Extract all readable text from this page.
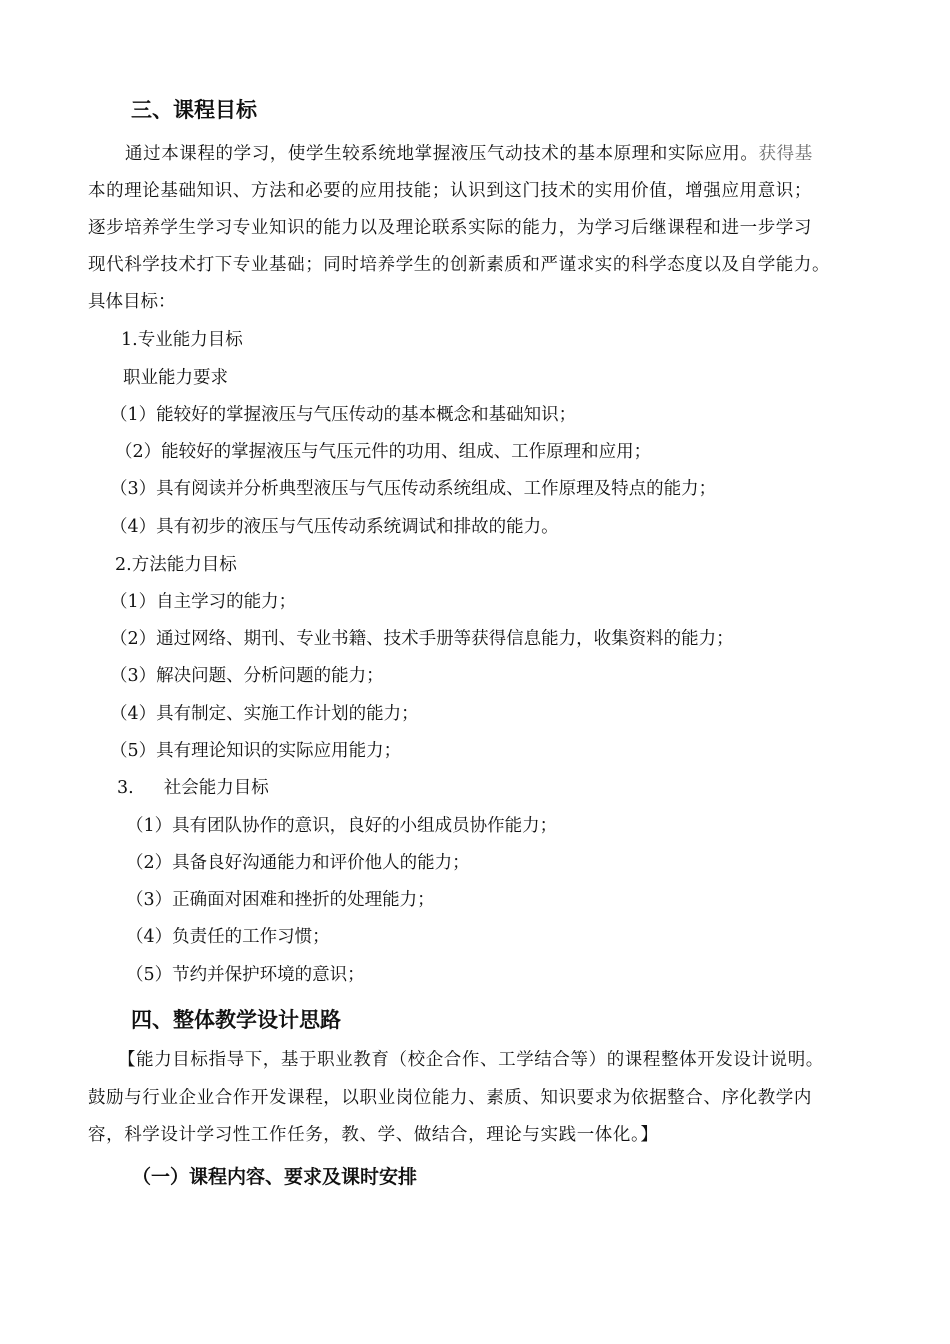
三、课程目标
通过本课程的学习，使学生较系统地掌握液压气动技术的基本原理和实际应用。获得基
本的理论基础知识、方法和必要的应用技能；认识到这门技术的实用价值，增强应用意识；
逐步培养学生学习专业知识的能力以及理论联系实际的能力，为学习后继课程和进一步学习
现代科学技术打下专业基础；同时培养学生的创新素质和严谨求实的科学态度以及自学能力。
具体目标：
1.专业能力目标
职业能力要求
（1）能较好的掌握液压与气压传动的基本概念和基础知识；
（2）能较好的掌握液压与气压元件的功用、组成、工作原理和应用；
（3）具有阅读并分析典型液压与气压传动系统组成、工作原理及特点的能力；
（4）具有初步的液压与气压传动系统调试和排故的能力。
2.方法能力目标
（1）自主学习的能力；
（2）通过网络、期刊、专业书籍、技术手册等获得信息能力，收集资料的能力；
（3）解决问题、分析问题的能力；
（4）具有制定、实施工作计划的能力；
（5）具有理论知识的实际应用能力；
3. 社会能力目标
（1）具有团队协作的意识，良好的小组成员协作能力；
（2）具备良好沟通能力和评价他人的能力；
（3）正确面对困难和挫折的处理能力；
（4）负责任的工作习惯；
（5）节约并保护环境的意识；
四、整体教学设计思路
【能力目标指导下，基于职业教育（校企合作、工学结合等）的课程整体开发设计说明。
鼓励与行业企业合作开发课程，以职业岗位能力、素质、知识要求为依据整合、序化教学内
容，科学设计学习性工作任务，教、学、做结合，理论与实践一体化。】
（一）课程内容、要求及课时安排
